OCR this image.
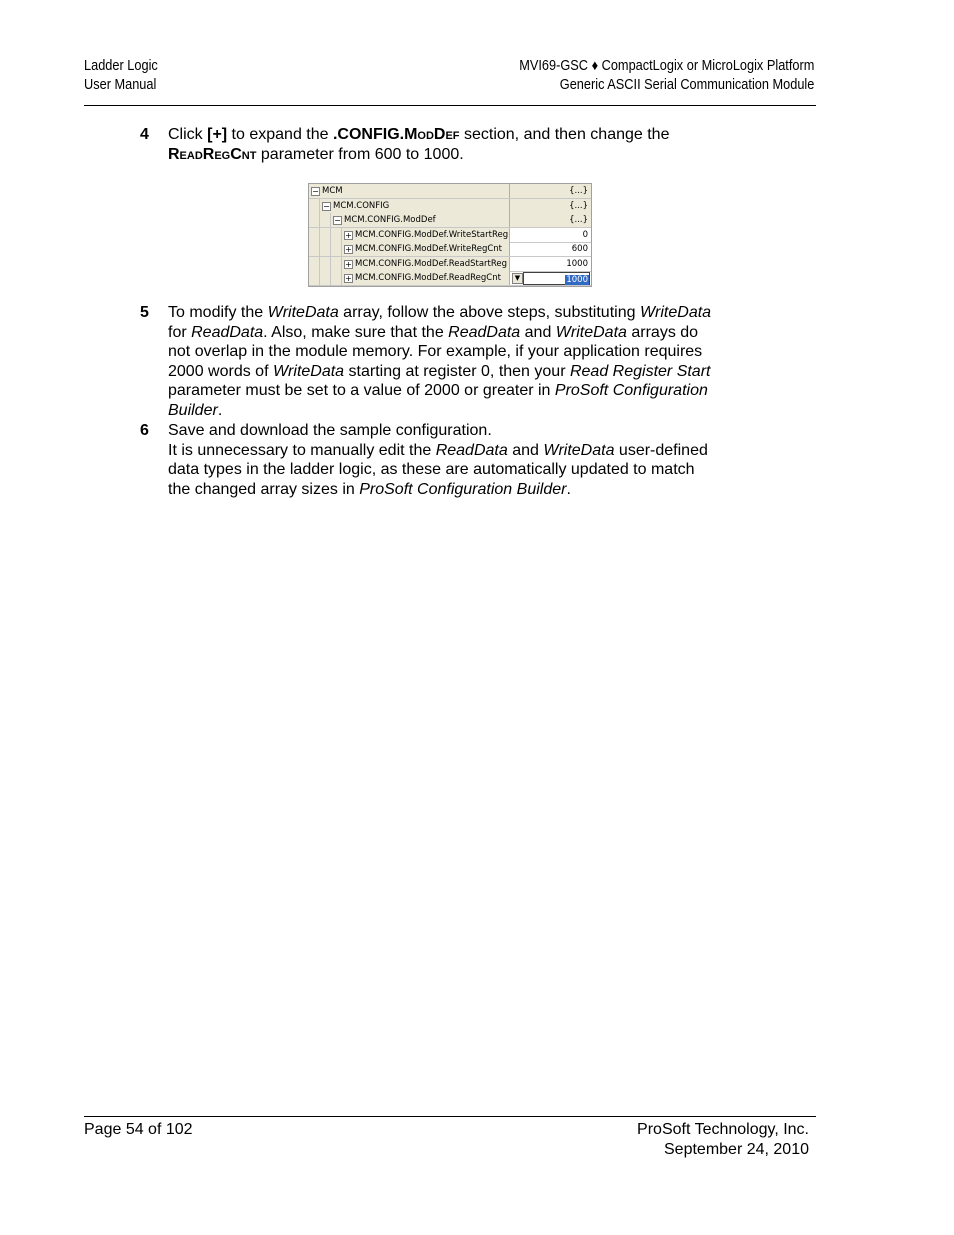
Ladder Logic
User Manual
MVI69-GSC ♦ CompactLogix or MicroLogix Platform
Generic ASCII Serial Communication Module
4 Click [+] to expand the .CONFIG.ModDef section, and then change the
ReadRegCnt parameter from 600 to 1000.
− MCM	{...}
− MCM.CONFIG	{...}
− MCM.CONFIG.ModDef	{...}
+ MCM.CONFIG.ModDef.WriteStartReg	0
+ MCM.CONFIG.ModDef.WriteRegCnt	600
+ MCM.CONFIG.ModDef.ReadStartReg	1000
+ MCM.CONFIG.ModDef.ReadRegCnt	▼	1000
5 To modify the WriteData array, follow the above steps, substituting WriteData
for ReadData. Also, make sure that the ReadData and WriteData arrays do
not overlap in the module memory. For example, if your application requires
2000 words of WriteData starting at register 0, then your Read Register Start
parameter must be set to a value of 2000 or greater in ProSoft Configuration
Builder.
6 Save and download the sample configuration.
It is unnecessary to manually edit the ReadData and WriteData user-defined
data types in the ladder logic, as these are automatically updated to match
the changed array sizes in ProSoft Configuration Builder.
Page 54 of 102	ProSoft Technology, Inc.
September 24, 2010
